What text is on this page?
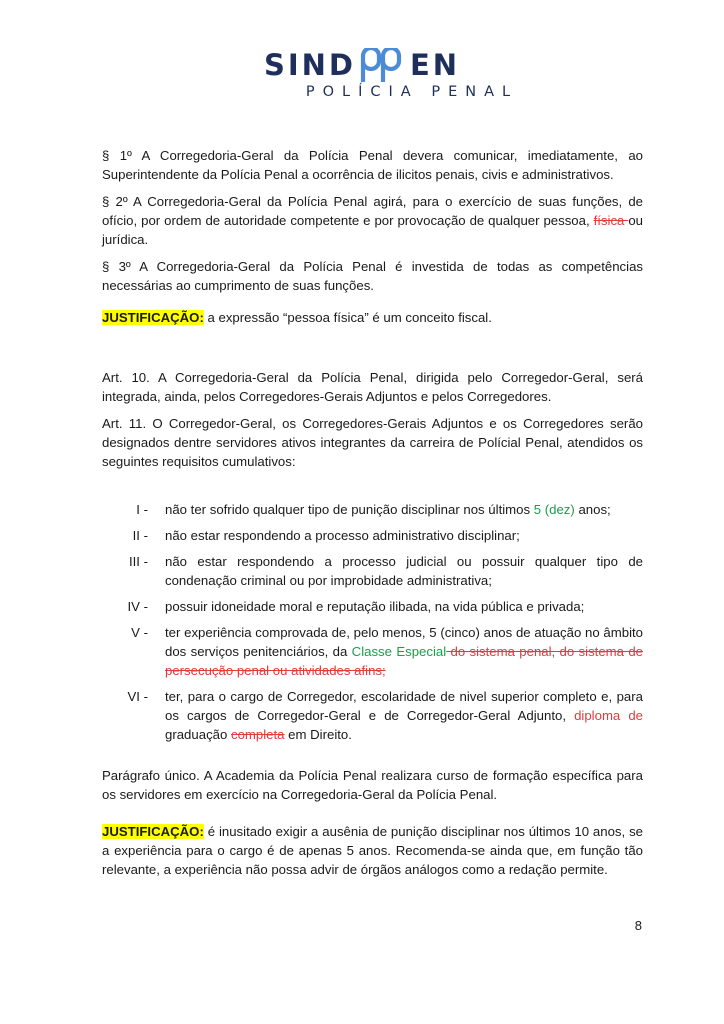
SIND EN
POLÍCIA PENAL

§ 1º A Corregedoria-Geral da Polícia Penal devera comunicar, imediatamente, ao Superintendente da Polícia Penal a ocorrência de ilicitos penais, civis e administrativos.

§ 2º A Corregedoria-Geral da Polícia Penal agirá, para o exercício de suas funções, de ofício, por ordem de autoridade competente e por provocação de qualquer pessoa, física ou jurídica.

§ 3º A Corregedoria-Geral da Polícia Penal é investida de todas as competências necessárias ao cumprimento de suas funções.

JUSTIFICAÇÃO: a expressão “pessoa física” é um conceito fiscal.

Art. 10. A Corregedoria-Geral da Polícia Penal, dirigida pelo Corregedor-Geral, será integrada, ainda, pelos Corregedores-Gerais Adjuntos e pelos Corregedores.

Art. 11. O Corregedor-Geral, os Corregedores-Gerais Adjuntos e os Corregedores serão designados dentre servidores ativos integrantes da carreira de Polícial Penal, atendidos os seguintes requisitos cumulativos:

I - não ter sofrido qualquer tipo de punição disciplinar nos últimos 5 (dez) anos;
II - não estar respondendo a processo administrativo disciplinar;
III - não estar respondendo a processo judicial ou possuir qualquer tipo de condenação criminal ou por improbidade administrativa;
IV - possuir idoneidade moral e reputação ilibada, na vida pública e privada;
V - ter experiência comprovada de, pelo menos, 5 (cinco) anos de atuação no âmbito dos serviços penitenciários, da Classe Especial do sistema penal, do sistema de persecução penal ou atividades afins;
VI - ter, para o cargo de Corregedor, escolaridade de nivel superior completo e, para os cargos de Corregedor-Geral e de Corregedor-Geral Adjunto, diploma de graduação completa em Direito.

Parágrafo único. A Academia da Polícia Penal realizara curso de formação específica para os servidores em exercício na Corregedoria-Geral da Polícia Penal.

JUSTIFICAÇÃO: é inusitado exigir a ausênia de punição disciplinar nos últimos 10 anos, se a experiência para o cargo é de apenas 5 anos. Recomenda-se ainda que, em função tão relevante, a experiência não possa advir de órgãos análogos como a redação permite.

8
